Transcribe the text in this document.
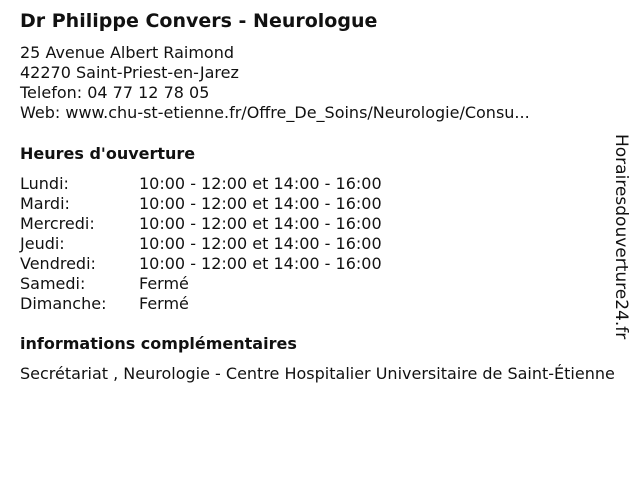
Dr Philippe Convers - Neurologue
25 Avenue Albert Raimond
42270 Saint-Priest-en-Jarez
Telefon: 04 77 12 78 05
Web: www.chu-st-etienne.fr/Offre_De_Soins/Neurologie/Consu...
Heures d'ouverture
Lundi:	10:00 - 12:00 et 14:00 - 16:00
Mardi:	10:00 - 12:00 et 14:00 - 16:00
Mercredi:	10:00 - 12:00 et 14:00 - 16:00
Jeudi:	10:00 - 12:00 et 14:00 - 16:00
Vendredi:	10:00 - 12:00 et 14:00 - 16:00
Samedi:	Fermé
Dimanche:	Fermé
informations complémentaires
Secrétariat , Neurologie - Centre Hospitalier Universitaire de Saint-Étienne
Horairesdouverture24.fr
